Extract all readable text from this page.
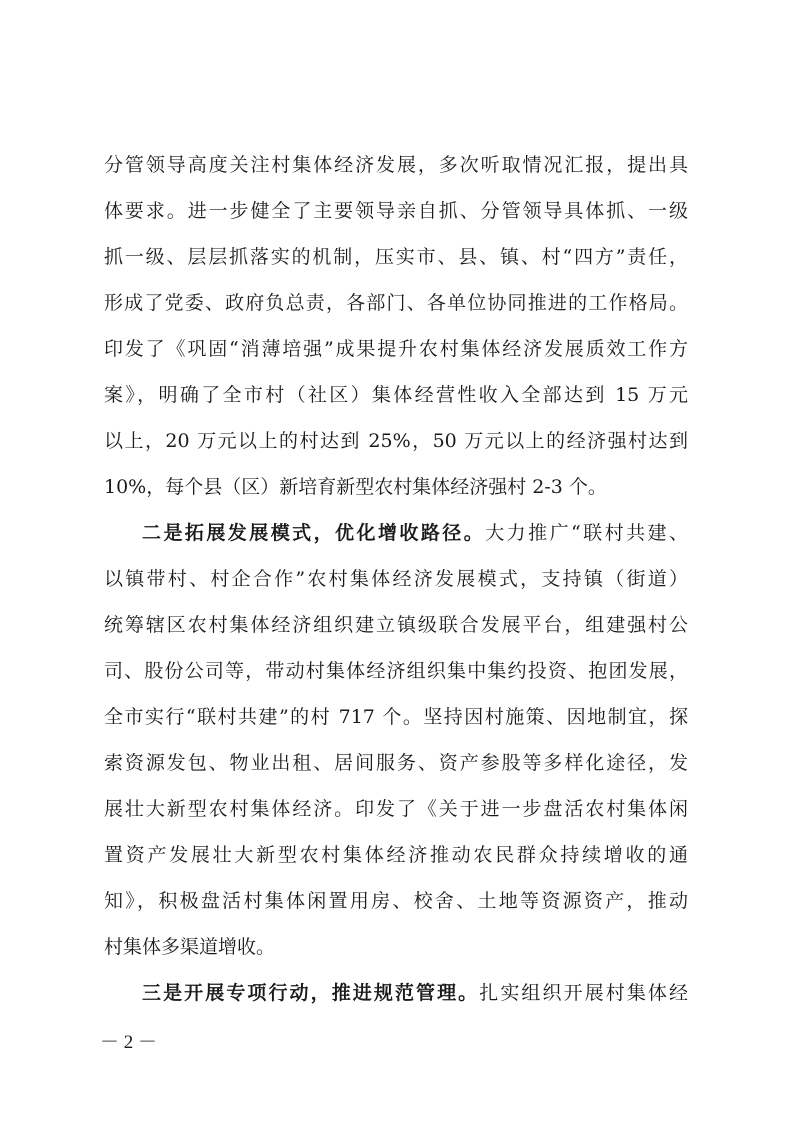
分管领导高度关注村集体经济发展，多次听取情况汇报，提出具
体要求。进一步健全了主要领导亲自抓、分管领导具体抓、一级
抓一级、层层抓落实的机制，压实市、县、镇、村“四方”责任，
形成了党委、政府负总责，各部门、各单位协同推进的工作格局。
印发了《巩固“消薄培强”成果提升农村集体经济发展质效工作方
案》，明确了全市村（社区）集体经营性收入全部达到 15 万元
以上，20 万元以上的村达到 25%，50 万元以上的经济强村达到
10%，每个县（区）新培育新型农村集体经济强村 2-3 个。
二是拓展发展模式，优化增收路径。大力推广“联村共建、
以镇带村、村企合作”农村集体经济发展模式，支持镇（街道）
统筹辖区农村集体经济组织建立镇级联合发展平台，组建强村公
司、股份公司等，带动村集体经济组织集中集约投资、抱团发展，
全市实行“联村共建”的村 717 个。坚持因村施策、因地制宜，探
索资源发包、物业出租、居间服务、资产参股等多样化途径，发
展壮大新型农村集体经济。印发了《关于进一步盘活农村集体闲
置资产发展壮大新型农村集体经济推动农民群众持续增收的通
知》，积极盘活村集体闲置用房、校舍、土地等资源资产，推动
村集体多渠道增收。
三是开展专项行动，推进规范管理。扎实组织开展村集体经
－ 2 －
